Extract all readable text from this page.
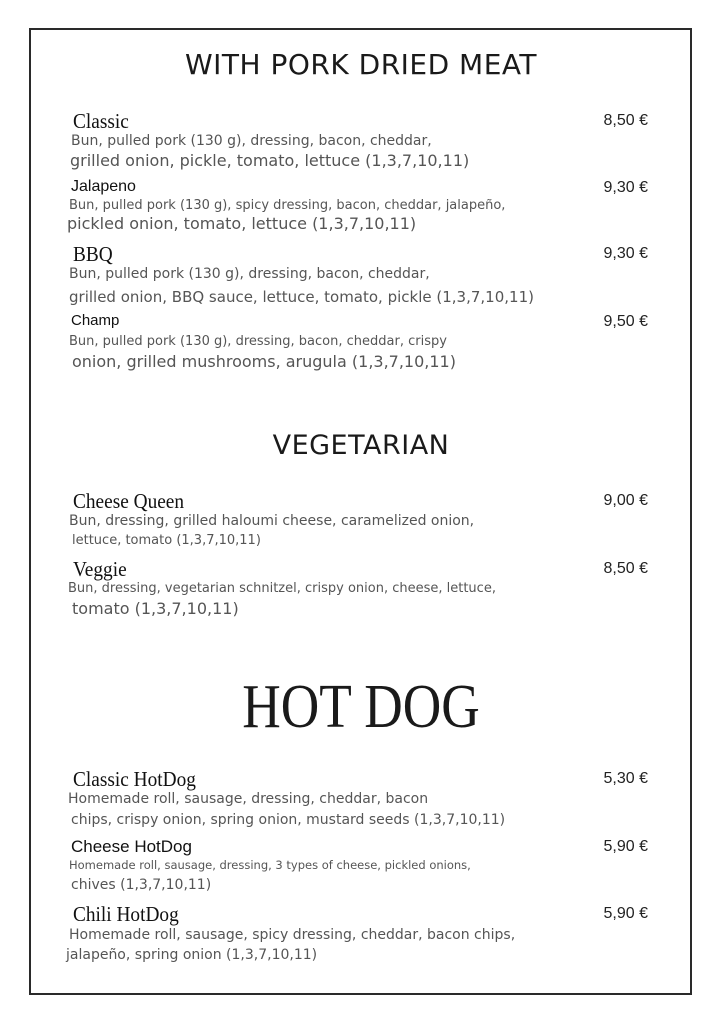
WITH PORK DRIED MEAT
Classic	8,50 €
Bun, pulled pork (130 g), dressing, bacon, cheddar,
grilled onion, pickle, tomato, lettuce (1,3,7,10,11)
Jalapeno	9,30 €
Bun, pulled pork (130 g), spicy dressing, bacon, cheddar, jalapeño,
pickled onion, tomato, lettuce (1,3,7,10,11)
BBQ	9,30 €
Bun, pulled pork (130 g), dressing, bacon, cheddar,
grilled onion, BBQ sauce, lettuce, tomato, pickle (1,3,7,10,11)
Champ	9,50 €
Bun, pulled pork (130 g), dressing, bacon, cheddar, crispy
onion, grilled mushrooms, arugula (1,3,7,10,11)
VEGETARIAN
Cheese Queen	9,00 €
Bun, dressing, grilled haloumi cheese, caramelized onion,
lettuce, tomato (1,3,7,10,11)
Veggie	8,50 €
Bun, dressing, vegetarian schnitzel, crispy onion, cheese, lettuce,
tomato (1,3,7,10,11)
HOT DOG
Classic HotDog	5,30 €
Homemade roll, sausage, dressing, cheddar, bacon
chips, crispy onion, spring onion, mustard seeds (1,3,7,10,11)
Cheese HotDog	5,90 €
Homemade roll, sausage, dressing, 3 types of cheese, pickled onions,
chives (1,3,7,10,11)
Chili HotDog	5,90 €
Homemade roll, sausage, spicy dressing, cheddar, bacon chips,
jalapeño, spring onion (1,3,7,10,11)
